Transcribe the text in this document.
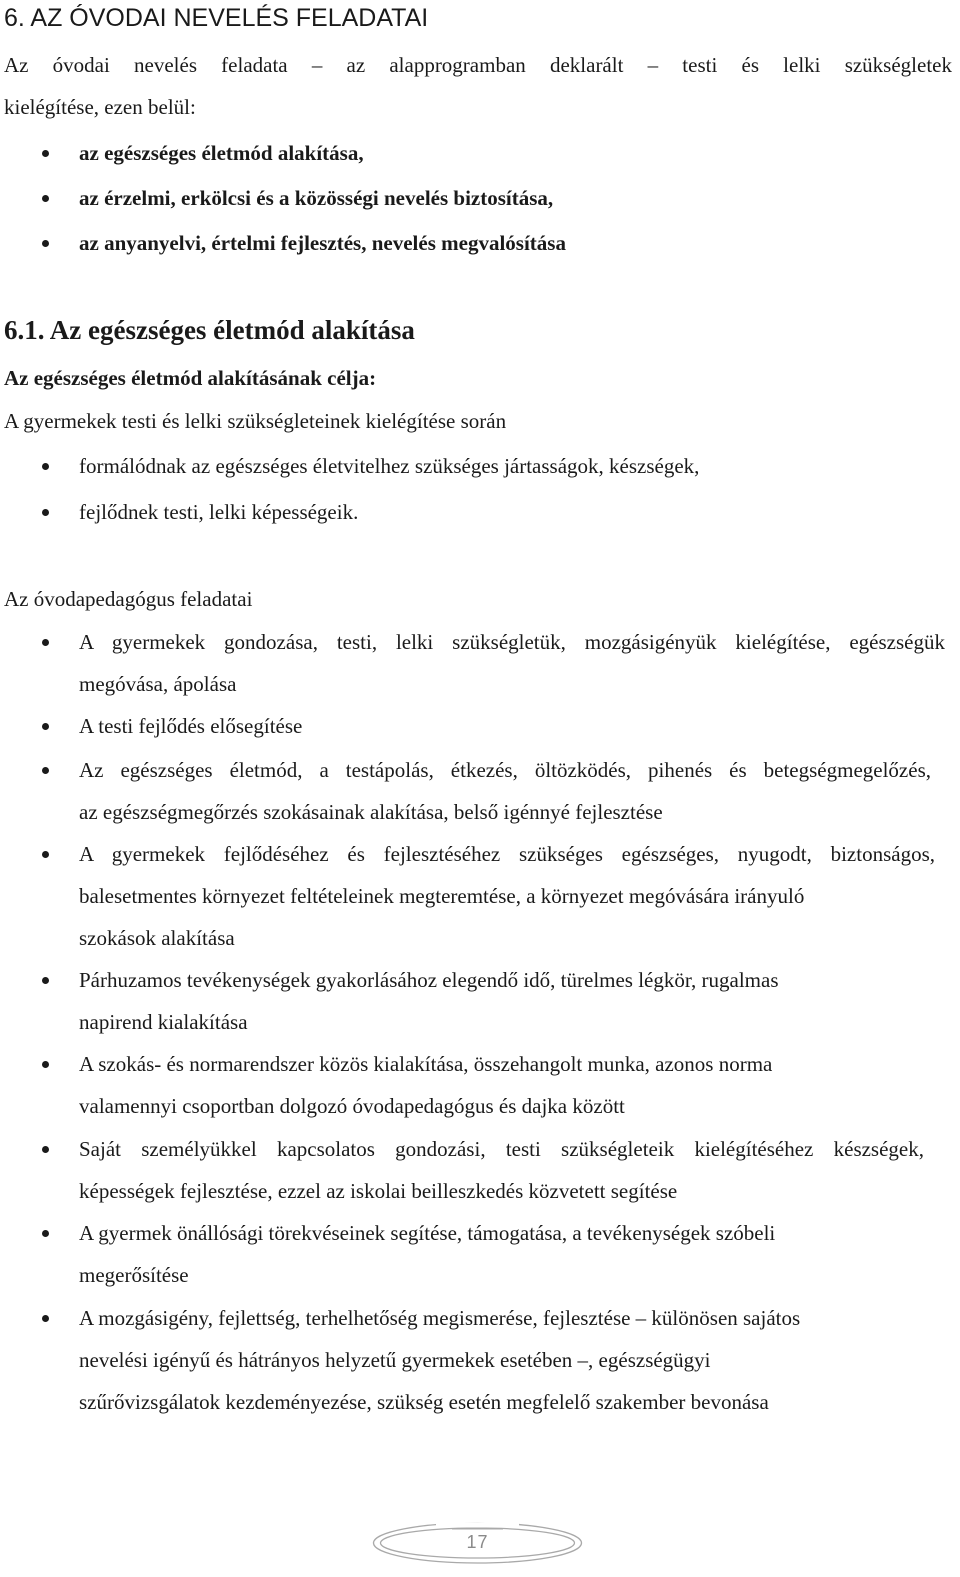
6. AZ ÓVODAI NEVELÉS FELADATAI
Az óvodai nevelés feladata – az alapprogramban deklarált – testi és lelki szükségletek
kielégítése, ezen belül:
az egészséges életmód alakítása,
az érzelmi, erkölcsi és a közösségi nevelés biztosítása,
az anyanyelvi, értelmi fejlesztés, nevelés megvalósítása
6.1. Az egészséges életmód alakítása
Az egészséges életmód alakításának célja:
A gyermekek testi és lelki szükségleteinek kielégítése során
formálódnak az egészséges életvitelhez szükséges jártasságok, készségek,
fejlődnek testi, lelki képességeik.
Az óvodapedagógus feladatai
A gyermekek gondozása, testi, lelki szükségletük, mozgásigényük kielégítése, egészségük
megóvása, ápolása
A testi fejlődés elősegítése
Az egészséges életmód, a testápolás, étkezés, öltözködés, pihenés és betegségmegelőzés,
az egészségmegőrzés szokásainak alakítása, belső igénnyé fejlesztése
A gyermekek fejlődéséhez és fejlesztéséhez szükséges egészséges, nyugodt, biztonságos,
balesetmentes környezet feltételeinek megteremtése, a környezet megóvására irányuló
szokások alakítása
Párhuzamos tevékenységek gyakorlásához elegendő idő, türelmes légkör, rugalmas
napirend kialakítása
A szokás- és normarendszer közös kialakítása, összehangolt munka, azonos norma
valamennyi csoportban dolgozó óvodapedagógus és dajka között
Saját személyükkel kapcsolatos gondozási, testi szükségleteik kielégítéséhez készségek,
képességek fejlesztése, ezzel az iskolai beilleszkedés közvetett segítése
A gyermek önállósági törekvéseinek segítése, támogatása, a tevékenységek szóbeli
megerősítése
A mozgásigény, fejlettség, terhelhetőség megismerése, fejlesztése – különösen sajátos
nevelési igényű és hátrányos helyzetű gyermekek esetében –, egészségügyi
szűrővizsgálatok kezdeményezése, szükség esetén megfelelő szakember bevonása
17
